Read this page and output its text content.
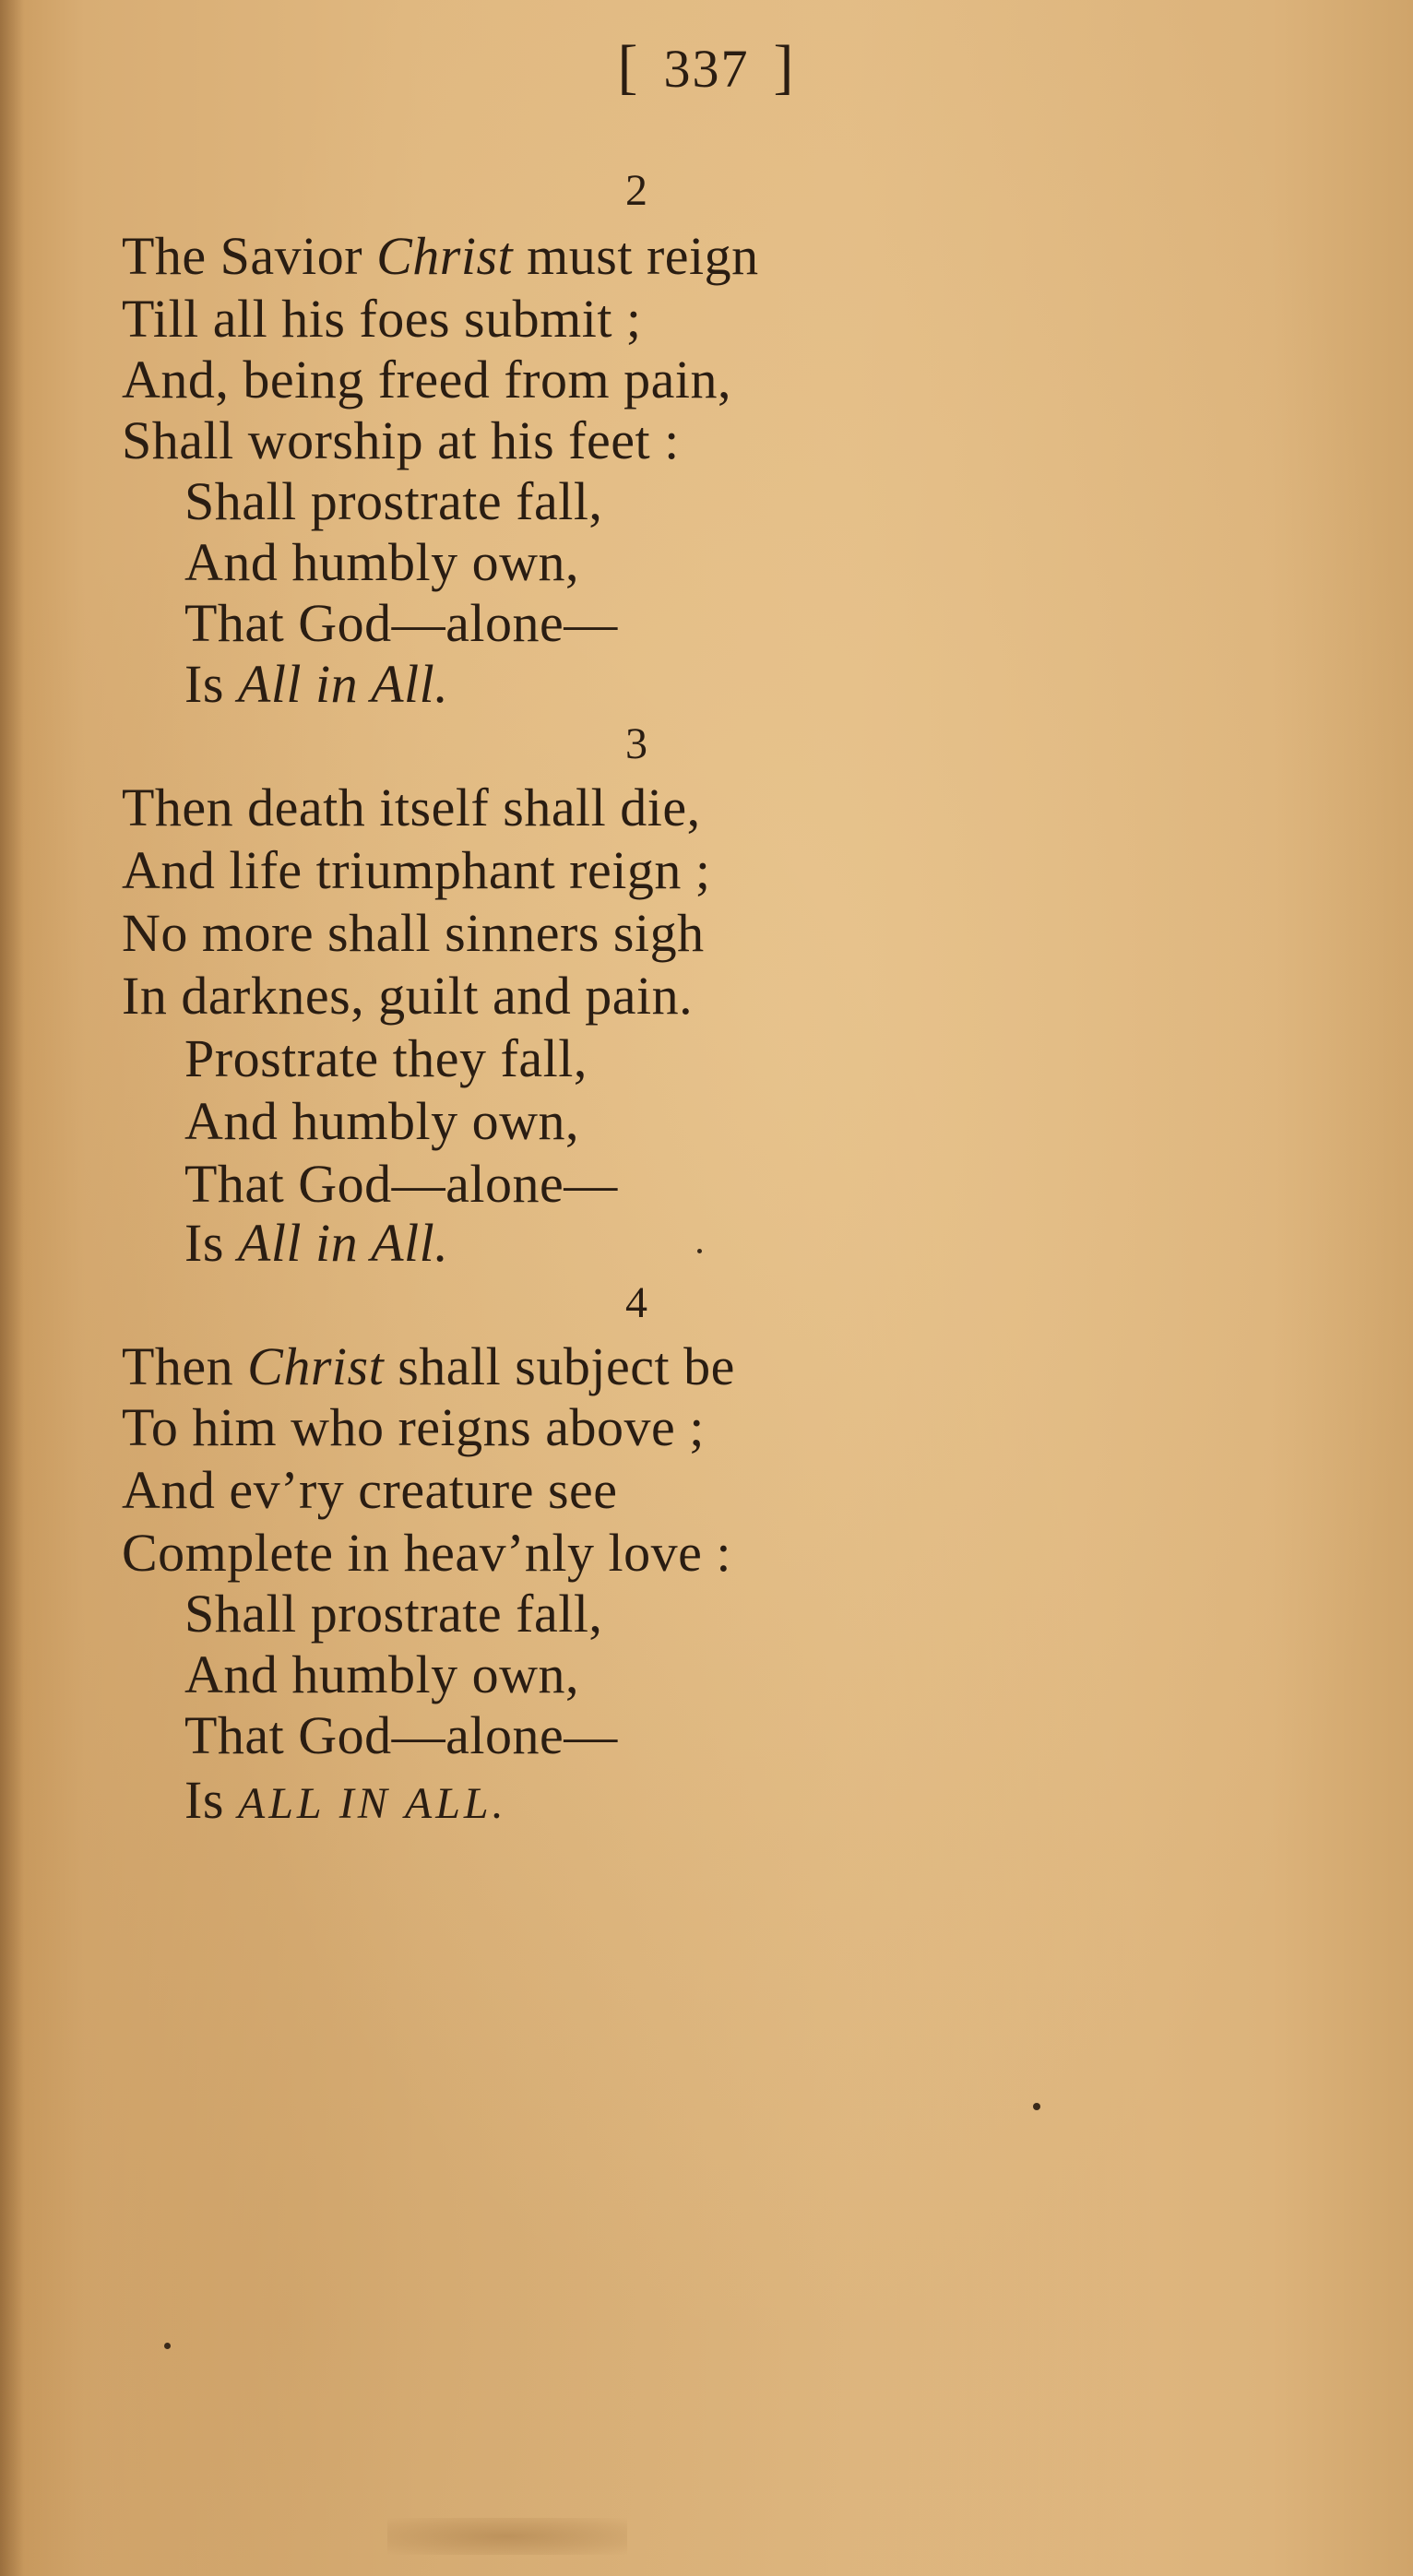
[ 337 ]
2
The Savior Christ must reign
Till all his foes submit ;
And, being freed from pain,
Shall worship at his feet :
Shall prostrate fall,
And humbly own,
That God—alone—
Is All in All.
3
Then death itself shall die,
And life triumphant reign ;
No more shall sinners sigh
In darknes, guilt and pain.
Prostrate they fall,
And humbly own,
That God—alone—
Is All in All.
4
Then Christ shall subject be
To him who reigns above ;
And ev’ry creature see
Complete in heav’nly love :
Shall prostrate fall,
And humbly own,
That God—alone—
Is ALL IN ALL.
